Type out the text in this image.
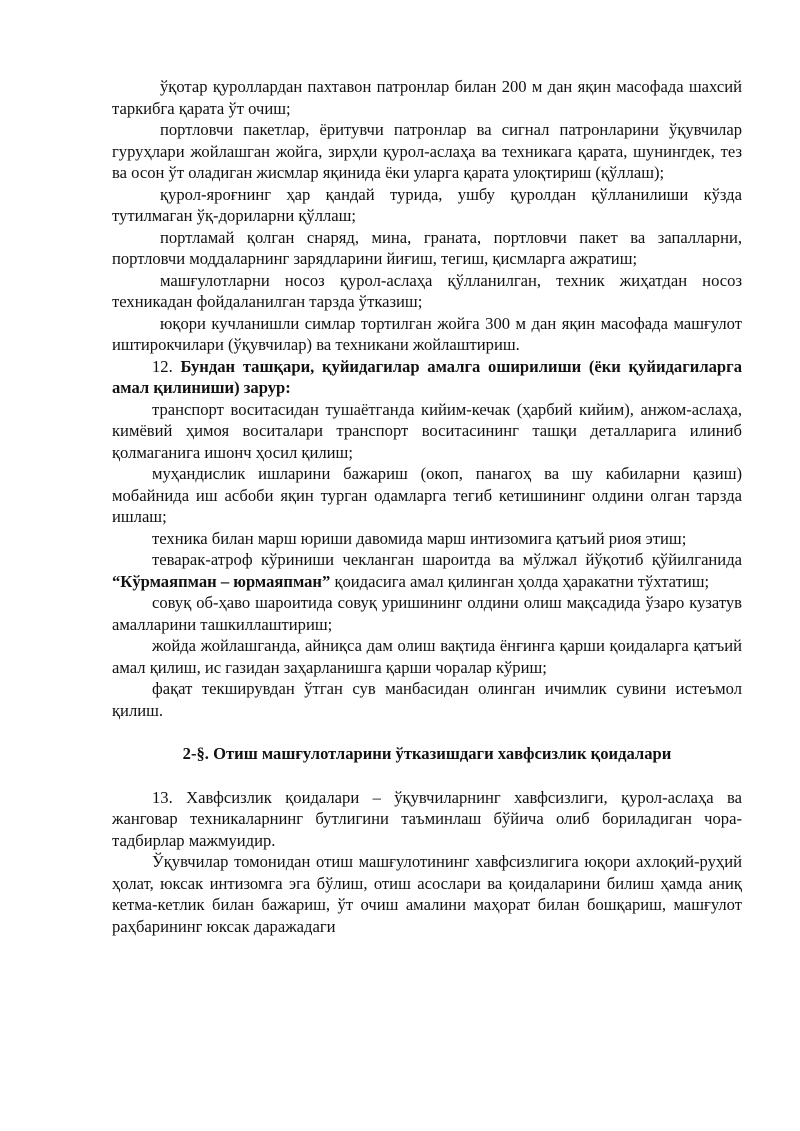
ўқотар қуроллардан пахтавон патронлар билан 200 м дан яқин масофада шахсий таркибга қарата ўт очиш;

портловчи пакетлар, ёритувчи патронлар ва сигнал патронларини ўқувчилар гуруҳлари жойлашган жойга, зирҳли қурол-аслаҳа ва техникага қарата, шунингдек, тез ва осон ўт оладиган жисмлар яқинида ёки уларга қарата улоқтириш (қўллаш);

қурол-яроғнинг ҳар қандай турида, ушбу қуролдан қўлланилиши кўзда тутилмаган ўқ-дориларни қўллаш;

портламай қолган снаряд, мина, граната, портловчи пакет ва запалларни, портловчи моддаларнинг зарядларини йиғиш, тегиш, қисмларга ажратиш;

машғулотларни носоз қурол-аслаҳа қўлланилган, техник жиҳатдан носоз техникадан фойдаланилган тарзда ўтказиш;

юқори кучланишли симлар тортилган жойга 300 м дан яқин масофада машғулот иштирокчилари (ўқувчилар) ва техникани жойлаштириш.

12. Бундан ташқари, қуйидагилар амалга оширилиши (ёки қуйидагиларга амал қилиниши) зарур:

транспорт воситасидан тушаётганда кийим-кечак (ҳарбий кийим), анжом-аслаҳа, кимёвий ҳимоя воситалари транспорт воситасининг ташқи деталларига илиниб қолмаганига ишонч ҳосил қилиш;

муҳандислик ишларини бажариш (окоп, панагоҳ ва шу кабиларни қазиш) мобайнида иш асбоби яқин турган одамларга тегиб кетишининг олдини олган тарзда ишлаш;

техника билан марш юриши давомида марш интизомига қатъий риоя этиш;

теварак-атроф кўриниши чекланган шароитда ва мўлжал йўқотиб қўйилганида “Кўрмаяпман – юрмаяпман” қоидасига амал қилинган ҳолда ҳаракатни тўхтатиш;

совуқ об-ҳаво шароитида совуқ уришининг олдини олиш мақсадида ўзаро кузатув амалларини ташкиллаштириш;

жойда жойлашганда, айниқса дам олиш вақтида ёнғинга қарши қоидаларга қатъий амал қилиш, ис газидан заҳарланишга қарши чоралар кўриш;

фақат текширувдан ўтган сув манбасидан олинган ичимлик сувини истеъмол қилиш.

2-§. Отиш машғулотларини ўтказишдаги хавфсизлик қоидалари

13. Хавфсизлик қоидалари – ўқувчиларнинг хавфсизлиги, қурол-аслаҳа ва жанговар техникаларнинг бутлигини таъминлаш бўйича олиб бориладиган чора-тадбирлар мажмуидир.

Ўқувчилар томонидан отиш машғулотининг хавфсизлигига юқори ахлоқий-руҳий ҳолат, юксак интизомга эга бўлиш, отиш асослари ва қоидаларини билиш ҳамда аниқ кетма-кетлик билан бажариш, ўт очиш амалини маҳорат билан бошқариш, машғулот раҳбарининг юксак даражадаги
